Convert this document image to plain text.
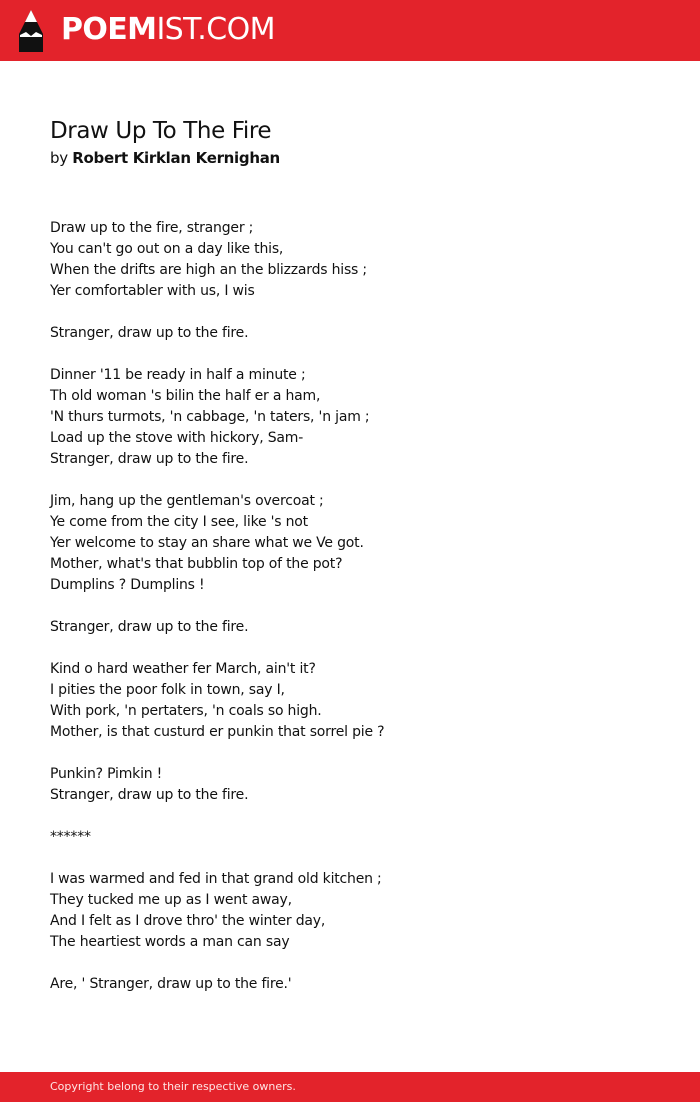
POEMIST.COM
Draw Up To The Fire
by Robert Kirklan Kernighan
Draw up to the fire, stranger ;
You can't go out on a day like this,
When the drifts are high an the blizzards hiss ;
Yer comfortabler with us, I wis
Stranger, draw up to the fire.
Dinner '11 be ready in half a minute ;
Th old woman 's bilin the half er a ham,
'N thurs turmots, 'n cabbage, 'n taters, 'n jam ;
Load up the stove with hickory, Sam-
Stranger, draw up to the fire.
Jim, hang up the gentleman's overcoat ;
Ye come from the city I see, like 's not
Yer welcome to stay an share what we Ve got.
Mother, what's that bubblin top of the pot?
Dumplins ? Dumplins !
Stranger, draw up to the fire.
Kind o hard weather fer March, ain't it?
I pities the poor folk in town, say I,
With pork, 'n pertaters, 'n coals so high.
Mother, is that custurd er punkin that sorrel pie ?
Punkin? Pimkin !
Stranger, draw up to the fire.
******
I was warmed and fed in that grand old kitchen ;
They tucked me up as I went away,
And I felt as I drove thro' the winter day,
The heartiest words a man can say
Are, ' Stranger, draw up to the fire.'
Copyright belong to their respective owners.
